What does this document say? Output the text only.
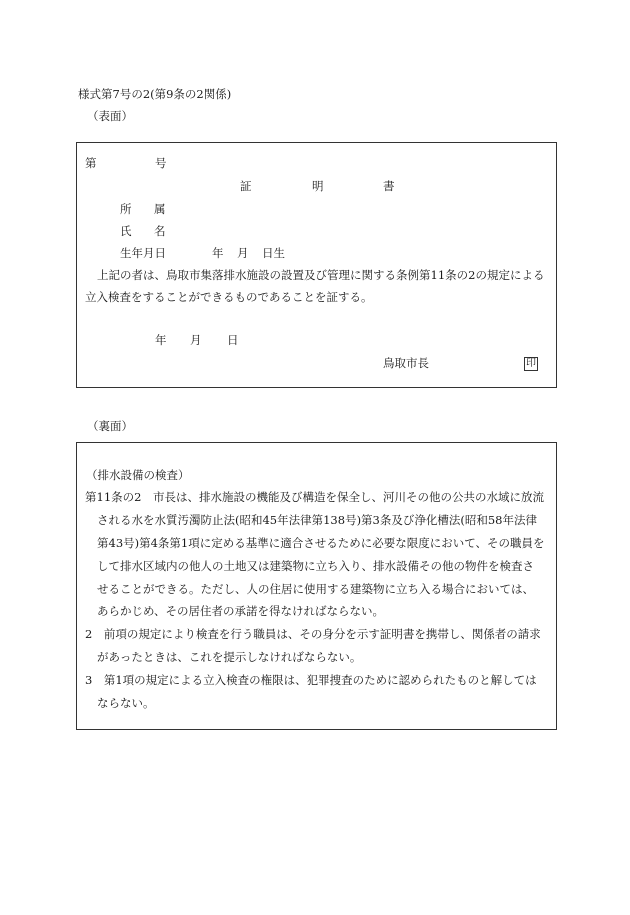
様式第7号の2(第9条の2関係)
（表面）
第	号
証	明	書
所 属
氏 名
生年月日	年 月 日生
上記の者は、鳥取市集落排水施設の設置及び管理に関する条例第11条の2の規定による
立入検査をすることができるものであることを証する。
年 月 日
鳥取市長	印
（裏面）
（排水設備の検査）
第11条の2　市長は、排水施設の機能及び構造を保全し、河川その他の公共の水域に放流
される水を水質汚濁防止法(昭和45年法律第138号)第3条及び浄化槽法(昭和58年法律
第43号)第4条第1項に定める基準に適合させるために必要な限度において、その職員を
して排水区域内の他人の土地又は建築物に立ち入り、排水設備その他の物件を検査さ
せることができる。ただし、人の住居に使用する建築物に立ち入る場合においては、
あらかじめ、その居住者の承諾を得なければならない。
2　前項の規定により検査を行う職員は、その身分を示す証明書を携帯し、関係者の請求
があったときは、これを提示しなければならない。
3　第1項の規定による立入検査の権限は、犯罪捜査のために認められたものと解しては
ならない。
